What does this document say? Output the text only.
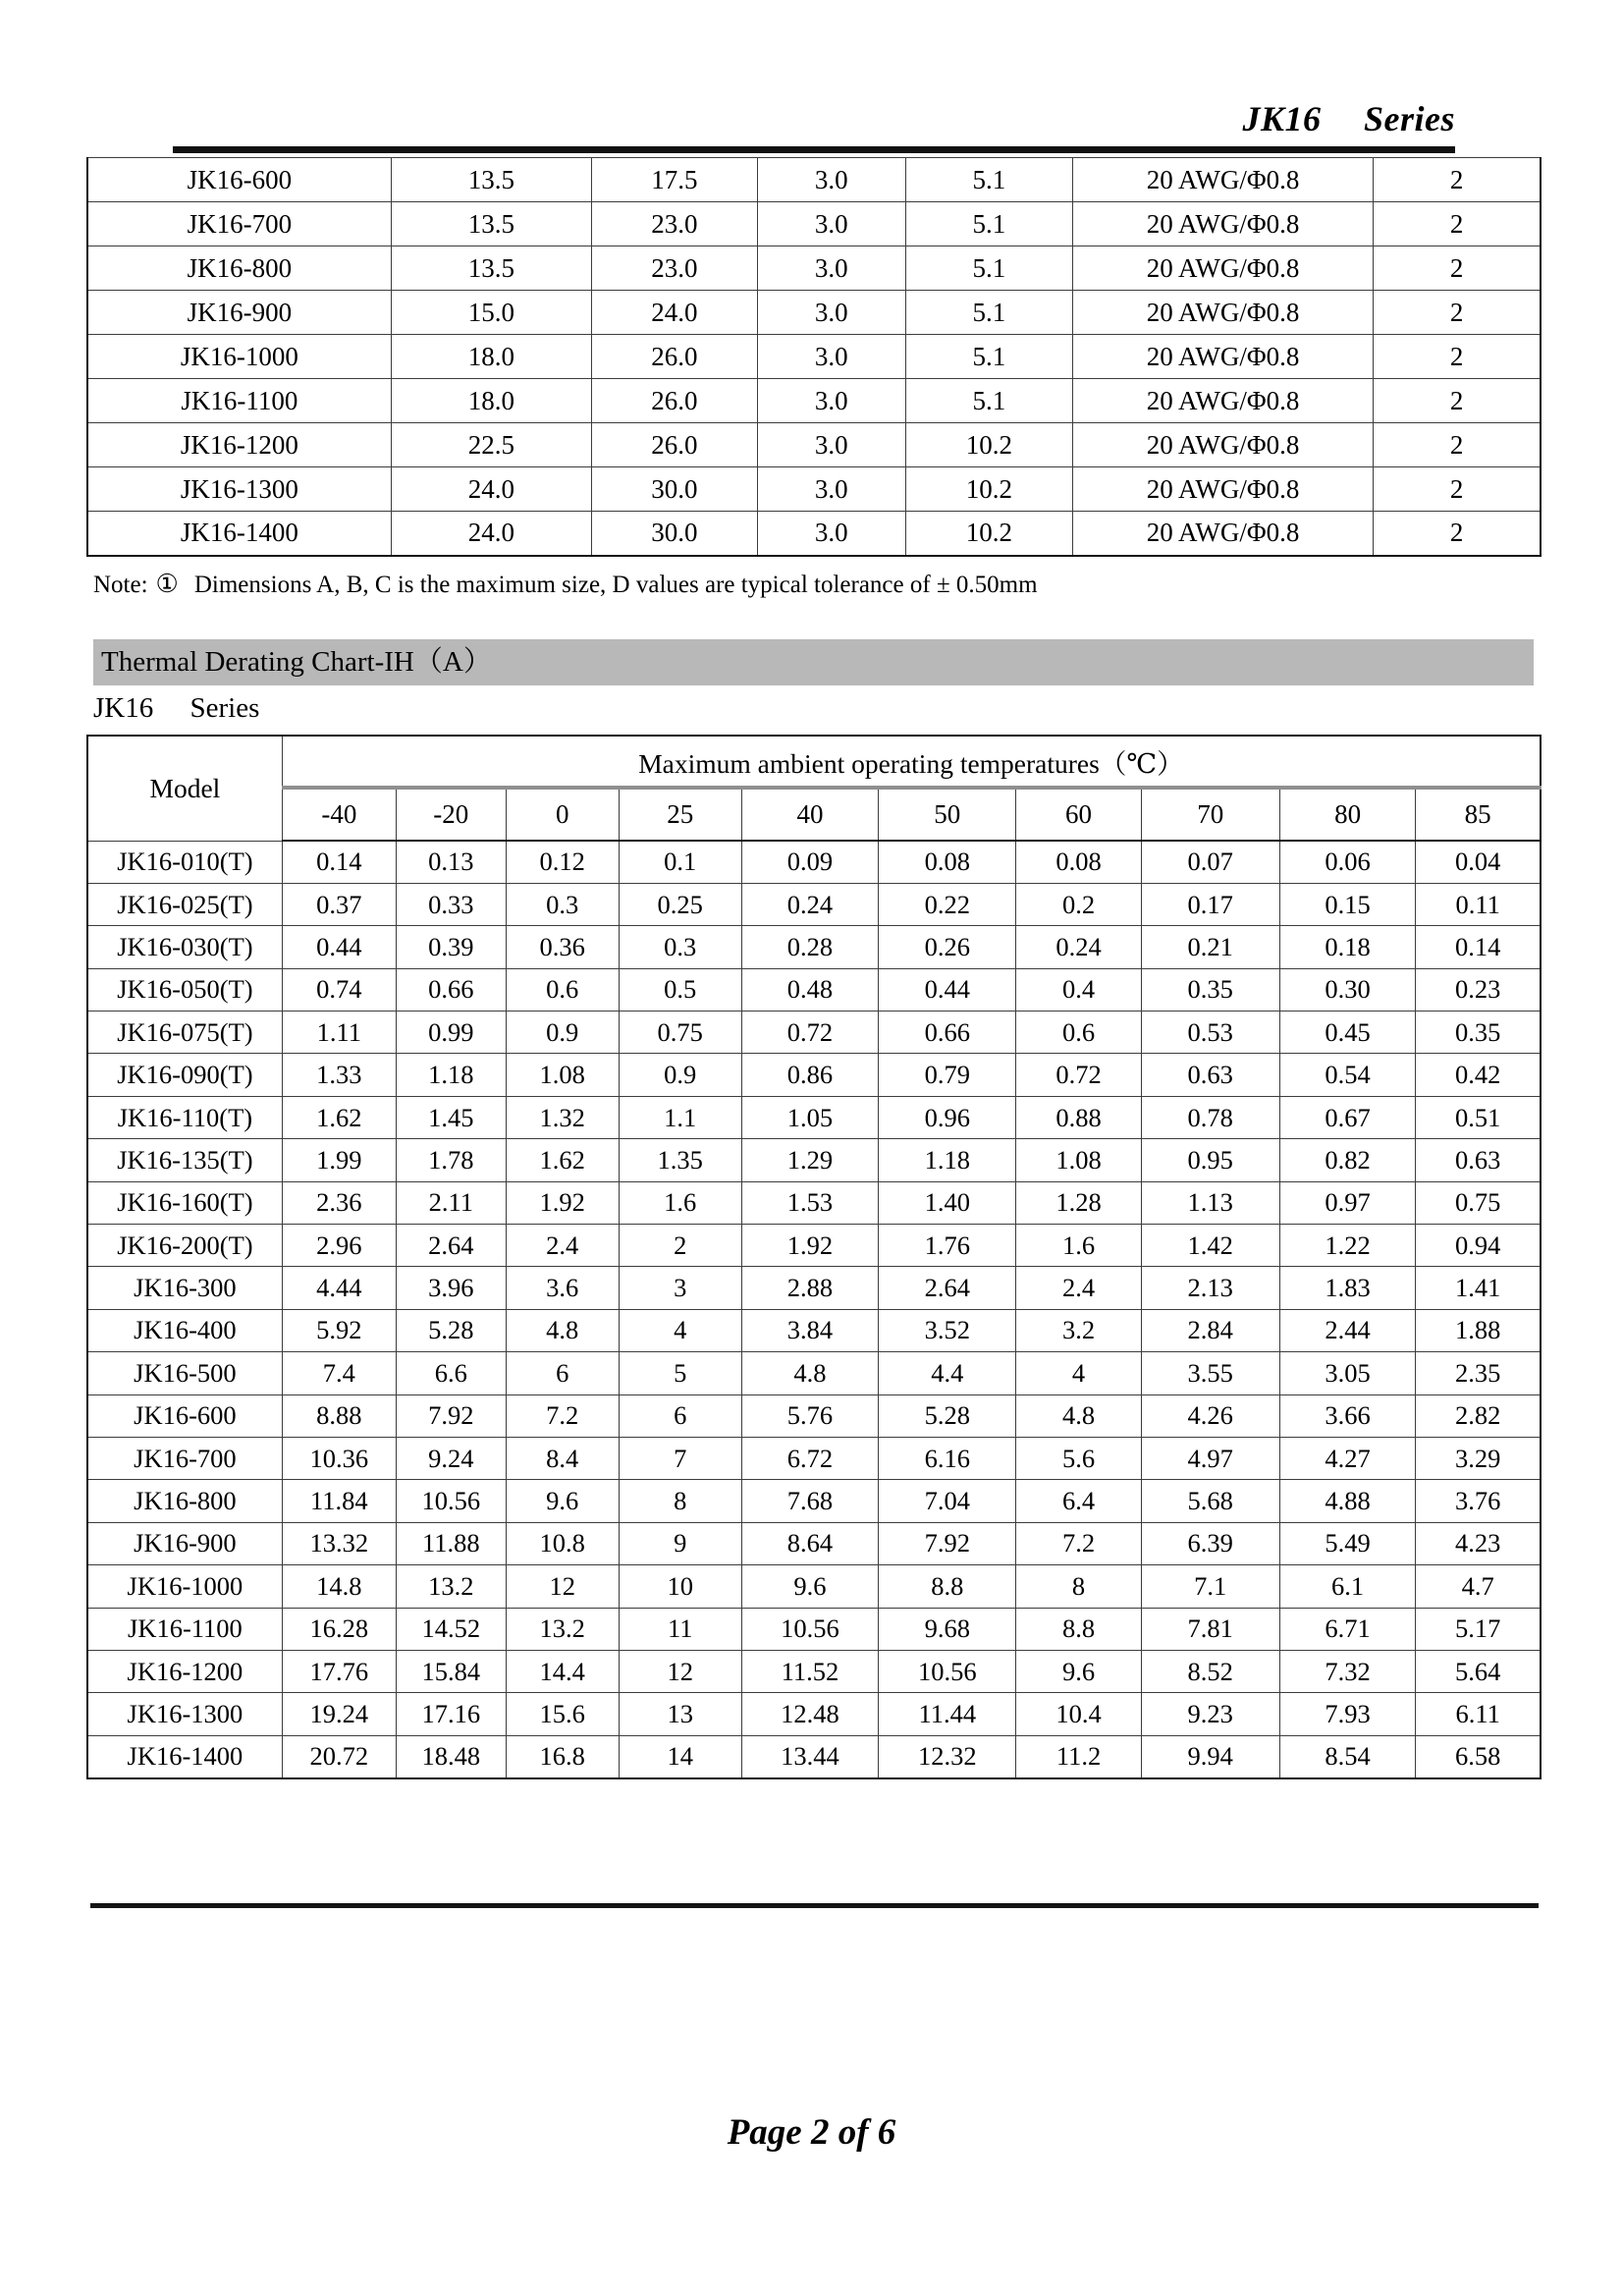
JK16 Series
JK16-600	13.5	17.5	3.0	5.1	20 AWG/Φ0.8	2
JK16-700	13.5	23.0	3.0	5.1	20 AWG/Φ0.8	2
JK16-800	13.5	23.0	3.0	5.1	20 AWG/Φ0.8	2
JK16-900	15.0	24.0	3.0	5.1	20 AWG/Φ0.8	2
JK16-1000	18.0	26.0	3.0	5.1	20 AWG/Φ0.8	2
JK16-1100	18.0	26.0	3.0	5.1	20 AWG/Φ0.8	2
JK16-1200	22.5	26.0	3.0	10.2	20 AWG/Φ0.8	2
JK16-1300	24.0	30.0	3.0	10.2	20 AWG/Φ0.8	2
JK16-1400	24.0	30.0	3.0	10.2	20 AWG/Φ0.8	2
Note: ① Dimensions A, B, C is the maximum size, D values are typical tolerance of ± 0.50mm
Thermal Derating Chart-IH（A）
JK16 Series
Model	Maximum ambient operating temperatures（℃）									
	-40	-20	0	25	40	50	60	70	80	85
JK16-010(T)	0.14	0.13	0.12	0.1	0.09	0.08	0.08	0.07	0.06	0.04
JK16-025(T)	0.37	0.33	0.3	0.25	0.24	0.22	0.2	0.17	0.15	0.11
JK16-030(T)	0.44	0.39	0.36	0.3	0.28	0.26	0.24	0.21	0.18	0.14
JK16-050(T)	0.74	0.66	0.6	0.5	0.48	0.44	0.4	0.35	0.30	0.23
JK16-075(T)	1.11	0.99	0.9	0.75	0.72	0.66	0.6	0.53	0.45	0.35
JK16-090(T)	1.33	1.18	1.08	0.9	0.86	0.79	0.72	0.63	0.54	0.42
JK16-110(T)	1.62	1.45	1.32	1.1	1.05	0.96	0.88	0.78	0.67	0.51
JK16-135(T)	1.99	1.78	1.62	1.35	1.29	1.18	1.08	0.95	0.82	0.63
JK16-160(T)	2.36	2.11	1.92	1.6	1.53	1.40	1.28	1.13	0.97	0.75
JK16-200(T)	2.96	2.64	2.4	2	1.92	1.76	1.6	1.42	1.22	0.94
JK16-300	4.44	3.96	3.6	3	2.88	2.64	2.4	2.13	1.83	1.41
JK16-400	5.92	5.28	4.8	4	3.84	3.52	3.2	2.84	2.44	1.88
JK16-500	7.4	6.6	6	5	4.8	4.4	4	3.55	3.05	2.35
JK16-600	8.88	7.92	7.2	6	5.76	5.28	4.8	4.26	3.66	2.82
JK16-700	10.36	9.24	8.4	7	6.72	6.16	5.6	4.97	4.27	3.29
JK16-800	11.84	10.56	9.6	8	7.68	7.04	6.4	5.68	4.88	3.76
JK16-900	13.32	11.88	10.8	9	8.64	7.92	7.2	6.39	5.49	4.23
JK16-1000	14.8	13.2	12	10	9.6	8.8	8	7.1	6.1	4.7
JK16-1100	16.28	14.52	13.2	11	10.56	9.68	8.8	7.81	6.71	5.17
JK16-1200	17.76	15.84	14.4	12	11.52	10.56	9.6	8.52	7.32	5.64
JK16-1300	19.24	17.16	15.6	13	12.48	11.44	10.4	9.23	7.93	6.11
JK16-1400	20.72	18.48	16.8	14	13.44	12.32	11.2	9.94	8.54	6.58
Page 2 of 6
